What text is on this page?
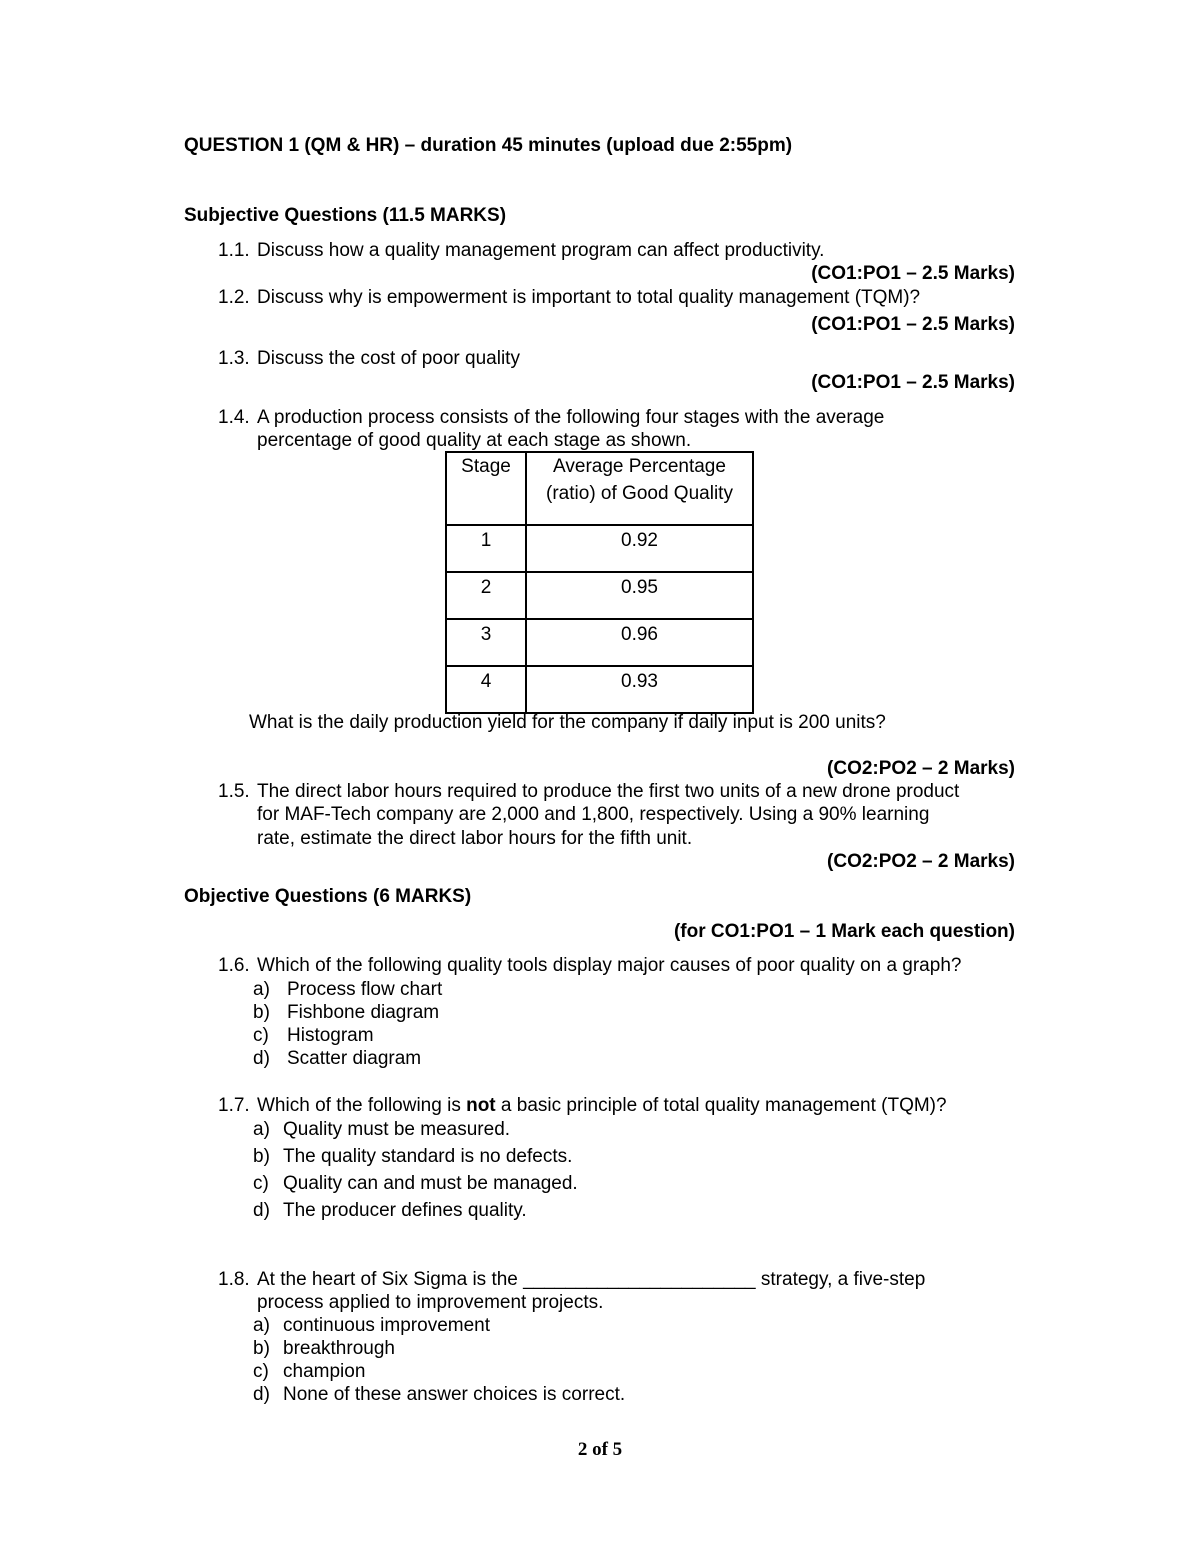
QUESTION 1 (QM & HR) – duration 45 minutes (upload due 2:55pm)
Subjective Questions (11.5 MARKS)
1.1. Discuss how a quality management program can affect productivity.
(CO1:PO1 – 2.5 Marks)
1.2. Discuss why is empowerment is important to total quality management (TQM)?
(CO1:PO1 – 2.5 Marks)
1.3. Discuss the cost of poor quality
(CO1:PO1 – 2.5 Marks)
1.4. A production process consists of the following four stages with the average
percentage of good quality at each stage as shown.
Stage	Average Percentage
(ratio) of Good Quality

1	0.92
2	0.95
3	0.96
4	0.93
What is the daily production yield for the company if daily input is 200 units?
(CO2:PO2 – 2 Marks)
1.5. The direct labor hours required to produce the first two units of a new drone product
for MAF-Tech company are 2,000 and 1,800, respectively. Using a 90% learning
rate, estimate the direct labor hours for the fifth unit.
(CO2:PO2 – 2 Marks)
Objective Questions (6 MARKS)
(for CO1:PO1 – 1 Mark each question)
1.6. Which of the following quality tools display major causes of poor quality on a graph?
a) Process flow chart
b) Fishbone diagram
c) Histogram
d) Scatter diagram
1.7. Which of the following is not a basic principle of total quality management (TQM)?
a) Quality must be measured.
b) The quality standard is no defects.
c) Quality can and must be managed.
d) The producer defines quality.
1.8. At the heart of Six Sigma is the ______________________ strategy, a five-step
process applied to improvement projects.
a) continuous improvement
b) breakthrough
c) champion
d) None of these answer choices is correct.
2 of 5
